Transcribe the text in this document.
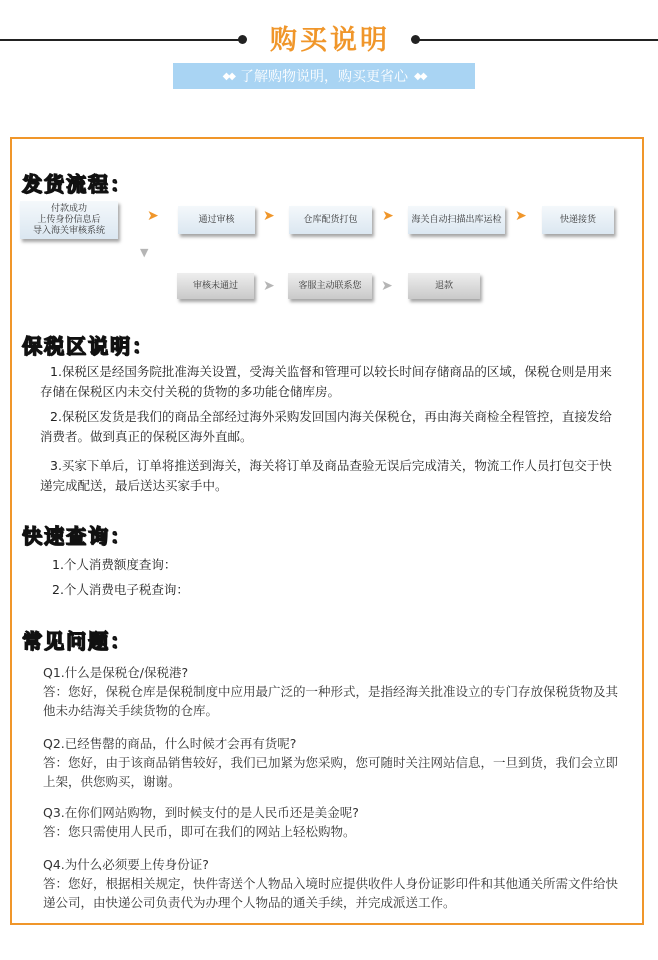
购买说明
◆◆ 了解购物说明，购买更省心 ◆◆
发货流程：
付款成功
上传身份信息后
导入海关审核系统
➤	通过审核	➤	仓库配货打包	➤	海关自动扫描出库运检 ➤	快递接货
▼
审核未通过	➤	客服主动联系您	➤	退款
保税区说明：
1.保税区是经国务院批准海关设置，受海关监督和管理可以较长时间存储商品的区域，保税仓则是用来存储在保税区内未交付关税的货物的多功能仓储库房。
2.保税区发货是我们的商品全部经过海外采购发回国内海关保税仓，再由海关商检全程管控，直接发给消费者。做到真正的保税区海外直邮。
3.买家下单后，订单将推送到海关，海关将订单及商品查验无误后完成清关，物流工作人员打包交于快递完成配送，最后送达买家手中。
快速查询：
1.个人消费额度查询：
2.个人消费电子税查询：
常见问题：
Q1.什么是保税仓/保税港?
答：您好，保税仓库是保税制度中应用最广泛的一种形式，是指经海关批准设立的专门存放保税货物及其他未办结海关手续货物的仓库。
Q2.已经售罄的商品，什么时候才会再有货呢?
答：您好，由于该商品销售较好，我们已加紧为您采购，您可随时关注网站信息，一旦到货，我们会立即上架，供您购买，谢谢。
Q3.在你们网站购物，到时候支付的是人民币还是美金呢?
答：您只需使用人民币，即可在我们的网站上轻松购物。
Q4.为什么必须要上传身份证?
答：您好，根据相关规定，快件寄送个人物品入境时应提供收件人身份证影印件和其他通关所需文件给快递公司，由快递公司负责代为办理个人物品的通关手续，并完成派送工作。
